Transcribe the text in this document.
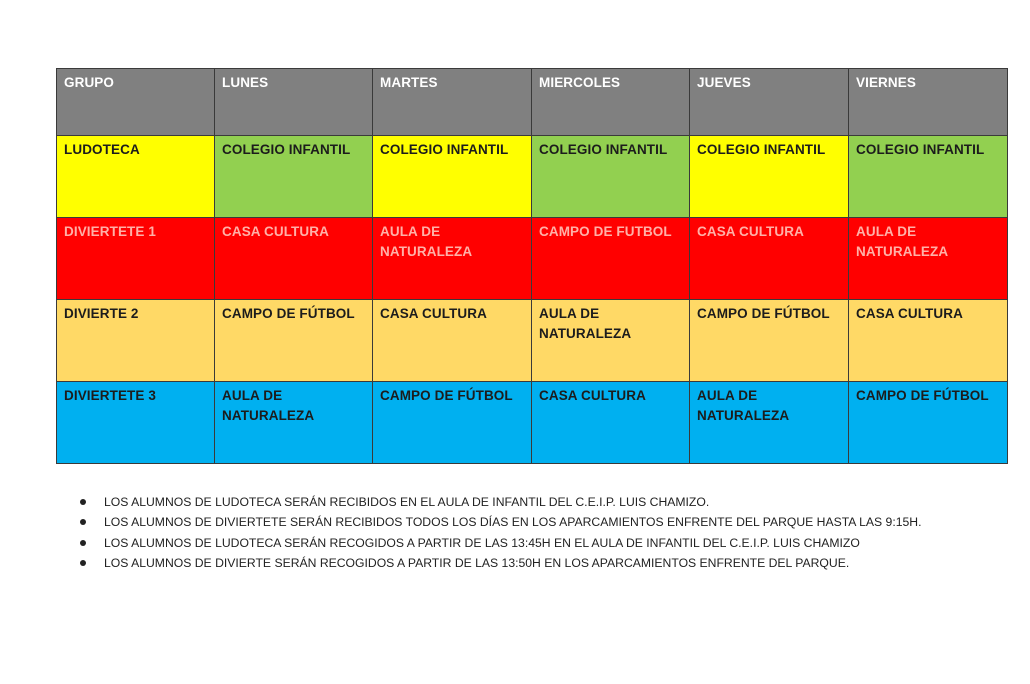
GRUPO	LUNES	MARTES	MIERCOLES	JUEVES	VIERNES
LUDOTECA	COLEGIO INFANTIL	COLEGIO INFANTIL	COLEGIO INFANTIL	COLEGIO INFANTIL	COLEGIO INFANTIL
DIVIERTETE 1	CASA CULTURA	AULA DE NATURALEZA	CAMPO DE FUTBOL	CASA CULTURA	AULA DE NATURALEZA
DIVIERTE 2	CAMPO DE FÚTBOL	CASA CULTURA	AULA DE NATURALEZA	CAMPO DE FÚTBOL	CASA CULTURA
DIVIERTETE 3	AULA DE NATURALEZA	CAMPO DE FÚTBOL	CASA CULTURA	AULA DE NATURALEZA	CAMPO DE FÚTBOL
LOS ALUMNOS DE LUDOTECA SERÁN RECIBIDOS EN EL AULA DE INFANTIL DEL C.E.I.P. LUIS CHAMIZO.
LOS ALUMNOS DE DIVIERTETE SERÁN RECIBIDOS TODOS LOS DÍAS EN LOS APARCAMIENTOS ENFRENTE DEL PARQUE HASTA LAS 9:15H.
LOS ALUMNOS DE LUDOTECA SERÁN RECOGIDOS A PARTIR DE LAS 13:45H EN EL AULA DE INFANTIL DEL C.E.I.P. LUIS CHAMIZO
LOS ALUMNOS DE DIVIERTE SERÁN RECOGIDOS A PARTIR DE LAS 13:50H EN LOS APARCAMIENTOS ENFRENTE DEL PARQUE.
